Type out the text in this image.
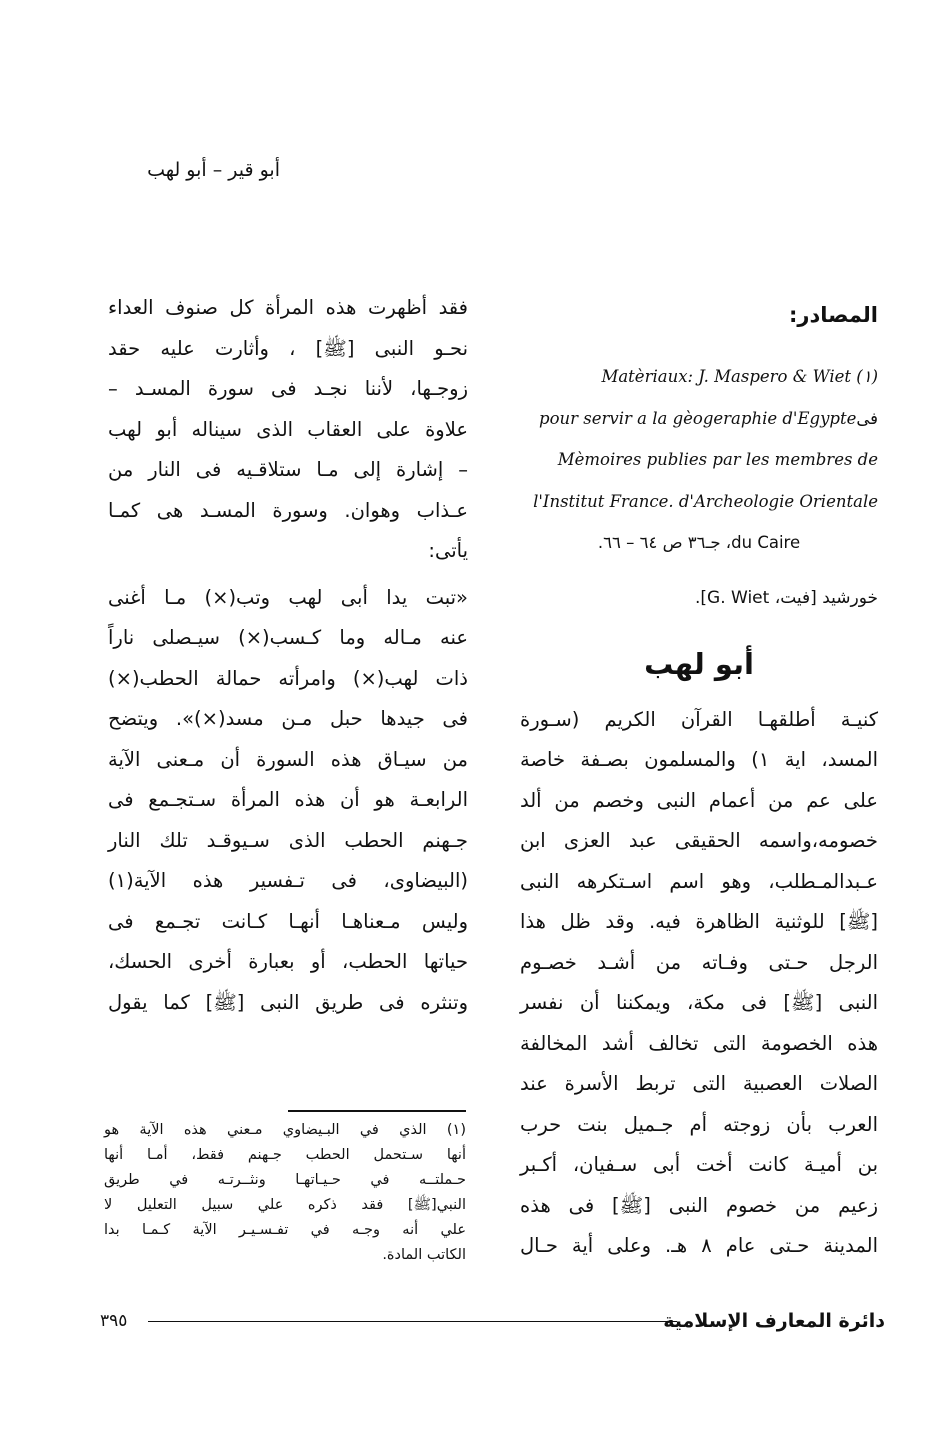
أبو قير – أبو لهب
المصادر:
Matèriaux: J. Maspero & Wiet (١)
pour servir a la gèogeraphie d'Egypteفى
Mèmoires publies par les membres de
l'Institut France. d'Archeologie Orientale
du Caire، جـ٣٦ ص ٦٤ – ٦٦.
خورشيد [فيت، G. Wiet].
أبو لهب
كنيـة أطلقهـا القرآن الكريم (سـورة
المسد، اية ١) والمسلمون بصـفة خاصة
على عم من أعمام النبى وخصم من ألد
خصومه،واسمه الحقيقى عبد العزى ابن
عـبدالمـطلب، وهو اسم اسـتكرهه النبى
[ﷺ] للوثنية الظاهرة فيه. وقد ظل هذا
الرجل حـتى وفـاته من أشـد خصـوم
النبى [ﷺ] فى مكة، ويمكننا أن نفسر
هذه الخصومة التى تخالف أشد المخالفة
الصلات العصبية التى تربط الأسرة عند
العرب بأن زوجته أم جـميل بنت حرب
بن أميـة كانت أخت أبى سـفيان، أكـبر
زعيم من خصوم النبى [ﷺ] فى هذه
المدينة حـتى عام ٨ هـ. وعلى أية حـال
فقد أظهرت هذه المرأة كل صنوف العداء
نحـو النبى [ﷺ] ، وأثارت عليه حقد
زوجـها، لأننا نجـد فى سورة المسـد –
علاوة على العقاب الذى سيناله أبو لهب
– إشارة إلى مـا ستلاقـيه فى النار من
عـذاب وهوان. وسورة المسـد هى كمـا
يأتى:
«تبت يدا أبى لهب وتب(×) مـا أغنى
عنه مـاله وما كـسب(×) سيـصلى ناراً
ذات لهب(×) وامرأته حمالة الحطب(×)
فى جيدها حبل مـن مسد(×)». ويتضح
من سيـاق هذه السورة أن مـعنى الآية
الرابعـة هو أن هذه المرأة سـتجـمع فى
جـهنم الحطب الذى سـيوقـد تلك النار
(البيضاوى، فى تـفسير هذه الآية(١)
وليس مـعناهـا أنهـا كـانت تجـمع فى
حياتها الحطب، أو بعبارة أخرى الحسك،
وتنثره فى طريق النبى [ﷺ] كما يقول
(١) الذي في البـيضاوي مـعني هذه الآية هو
أنها سـتحمل الحطب جـهنم فقط، أمـا أنها
حـملتــه في حـيـاتهـا ونثــرتـه في طريق
النبي[ﷺ] فقد ذكره علي سبيل التعليل لا
علي أنه وجـه في تفـسـيـر الآية كـمـا بدا
الكاتب المادة.
دائرة المعارف الإسلامية
٣٩٥
